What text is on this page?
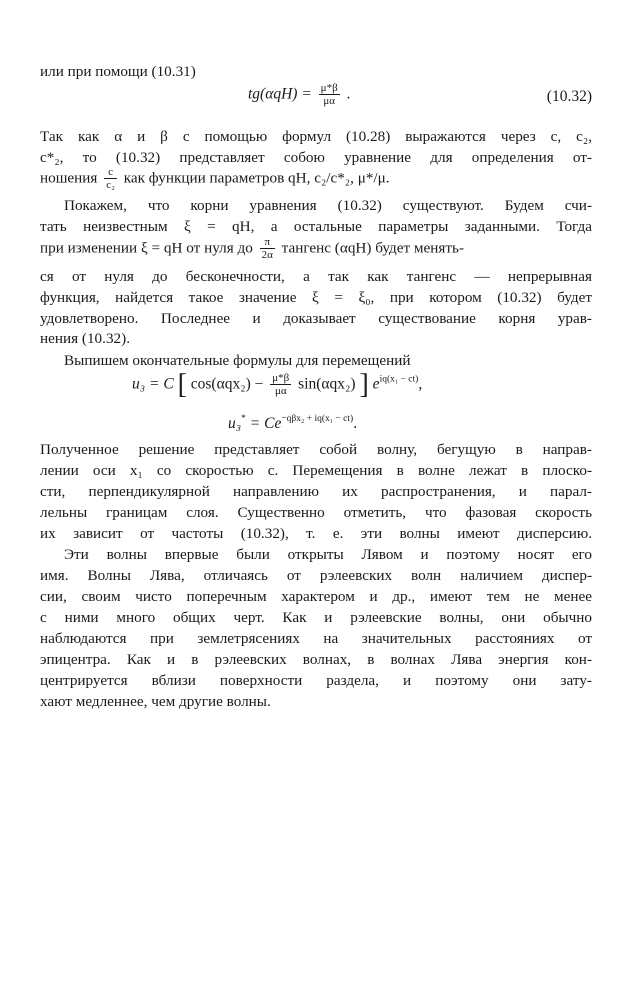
или при помощи (10.31)
$tg(\alpha qH) = \frac{\mu*\beta}{\mu\alpha}$ .	(10.32)
Так как α и β с помощью формул (10.28) выражаются через c, c₂,
c*₂, то (10.32) представляет собою уравнение для определения от-
ношения $\frac{c}{\text{c₂}}$ как функции параметров qH, c₂/c*₂, μ*/μ.
Покажем, что корни уравнения (10.32) существуют. Будем счи-
тать неизвестным ξ = qH, а остальные параметры заданными. Тогда
при изменении ξ = qH от нуля до $\frac{\pi}{2\alpha}$ тангенс (αqH) будет менять-
ся от нуля до бесконечности, а так как тангенс — непрерывная
функция, найдется такое значение ξ = ξ₀, при котором (10.32) будет
удовлетворено. Последнее и доказывает существование корня урав-
нения (10.32).
Выпишем окончательные формулы для перемещений
u₃ = C [ $\cos(\alpha qx_2) - \frac{\mu*\beta}{\mu\alpha} \sin(\alpha qx_2)$ ] $e^{iq(x_1 - ct)}$,
$u_3^* = Ce^{-q\beta x_2 + iq(x_1 - ct)}$.
Полученное решение представляет собой волну, бегущую в направ-
лении оси x₁ со скоростью c. Перемещения в волне лежат в плоско-
сти, перпендикулярной направлению их распространения, и парал-
лельны границам слоя. Существенно отметить, что фазовая скорость
их зависит от частоты (10.32), т. е. эти волны имеют дисперсию.
Эти волны впервые были открыты Лявом и поэтому носят его
имя. Волны Лява, отличаясь от рэлеевских волн наличием диспер-
сии, своим чисто поперечным характером и др., имеют тем не менее
с ними много общих черт. Как и рэлеевские волны, они обычно
наблюдаются при землетрясениях на значительных расстояниях от
эпицентра. Как и в рэлеевских волнах, в волнах Лява энергия кон-
центрируется вблизи поверхности раздела, и поэтому они зату-
хают медленнее, чем другие волны.
